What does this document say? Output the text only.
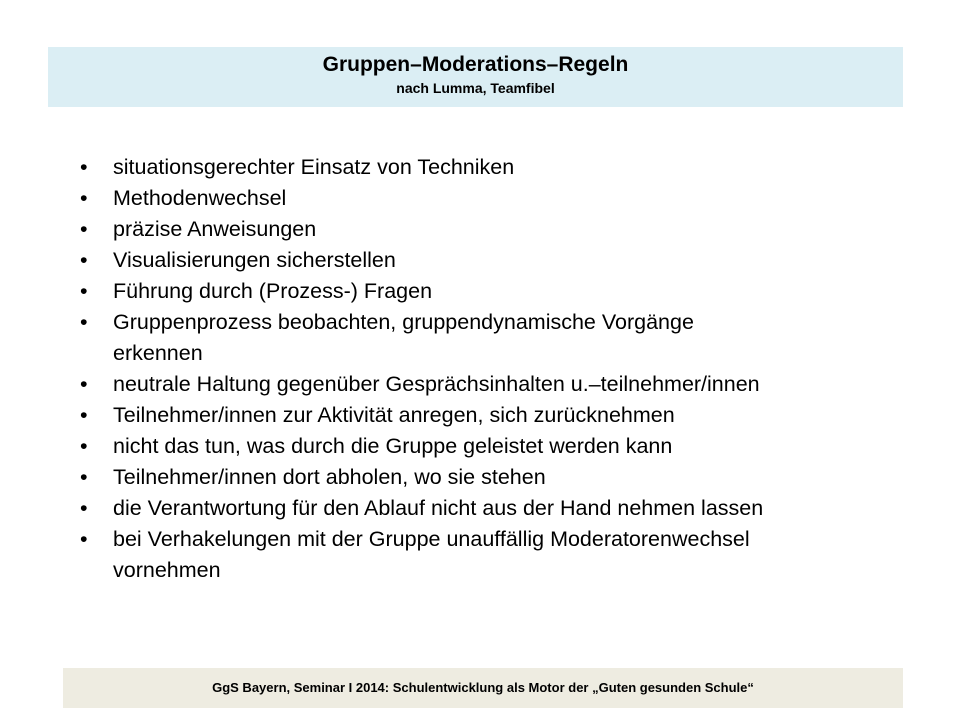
Gruppen–Moderations–Regeln
nach Lumma, Teamfibel
• situationsgerechter Einsatz von Techniken
• Methodenwechsel
• präzise Anweisungen
• Visualisierungen sicherstellen
• Führung durch (Prozess-) Fragen
• Gruppenprozess beobachten, gruppendynamische Vorgänge
erkennen
• neutrale Haltung gegenüber Gesprächsinhalten u.–teilnehmer/innen
• Teilnehmer/innen zur Aktivität anregen, sich zurücknehmen
• nicht das tun, was durch die Gruppe geleistet werden kann
• Teilnehmer/innen dort abholen, wo sie stehen
• die Verantwortung für den Ablauf nicht aus der Hand nehmen lassen
• bei Verhakelungen mit der Gruppe unauffällig Moderatorenwechsel
vornehmen
GgS Bayern, Seminar I 2014: Schulentwicklung als Motor der „Guten gesunden Schule“
